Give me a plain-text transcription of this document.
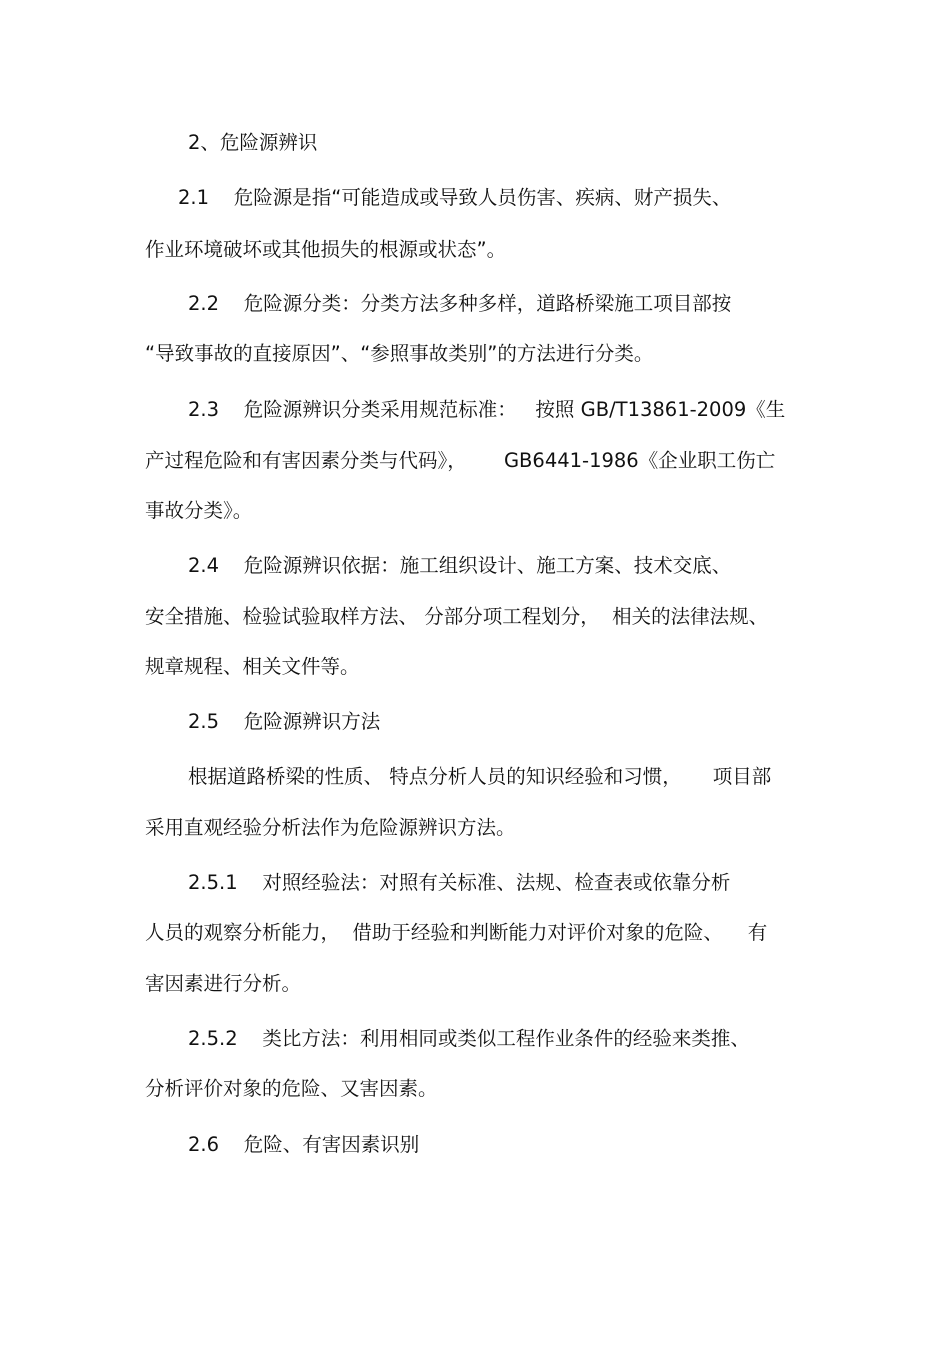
2、危险源辨识
2.1    危险源是指“可能造成或导致人员伤害、疾病、财产损失、
作业环境破坏或其他损失的根源或状态”。
2.2    危险源分类：分类方法多种多样，道路桥梁施工项目部按
“导致事故的直接原因”、“参照事故类别”的方法进行分类。
2.3    危险源辨识分类采用规范标准：   按照 GB/T13861-2009《生
产过程危险和有害因素分类与代码》，      GB6441-1986《企业职工伤亡
事故分类》。
2.4    危险源辨识依据：施工组织设计、施工方案、技术交底、
安全措施、检验试验取样方法、 分部分项工程划分，  相关的法律法规、
规章规程、相关文件等。
2.5    危险源辨识方法
根据道路桥梁的性质、 特点分析人员的知识经验和习惯，     项目部
采用直观经验分析法作为危险源辨识方法。
2.5.1    对照经验法：对照有关标准、法规、检查表或依靠分析
人员的观察分析能力，  借助于经验和判断能力对评价对象的危险、    有
害因素进行分析。
2.5.2    类比方法：利用相同或类似工程作业条件的经验来类推、
分析评价对象的危险、又害因素。
2.6    危险、有害因素识别
